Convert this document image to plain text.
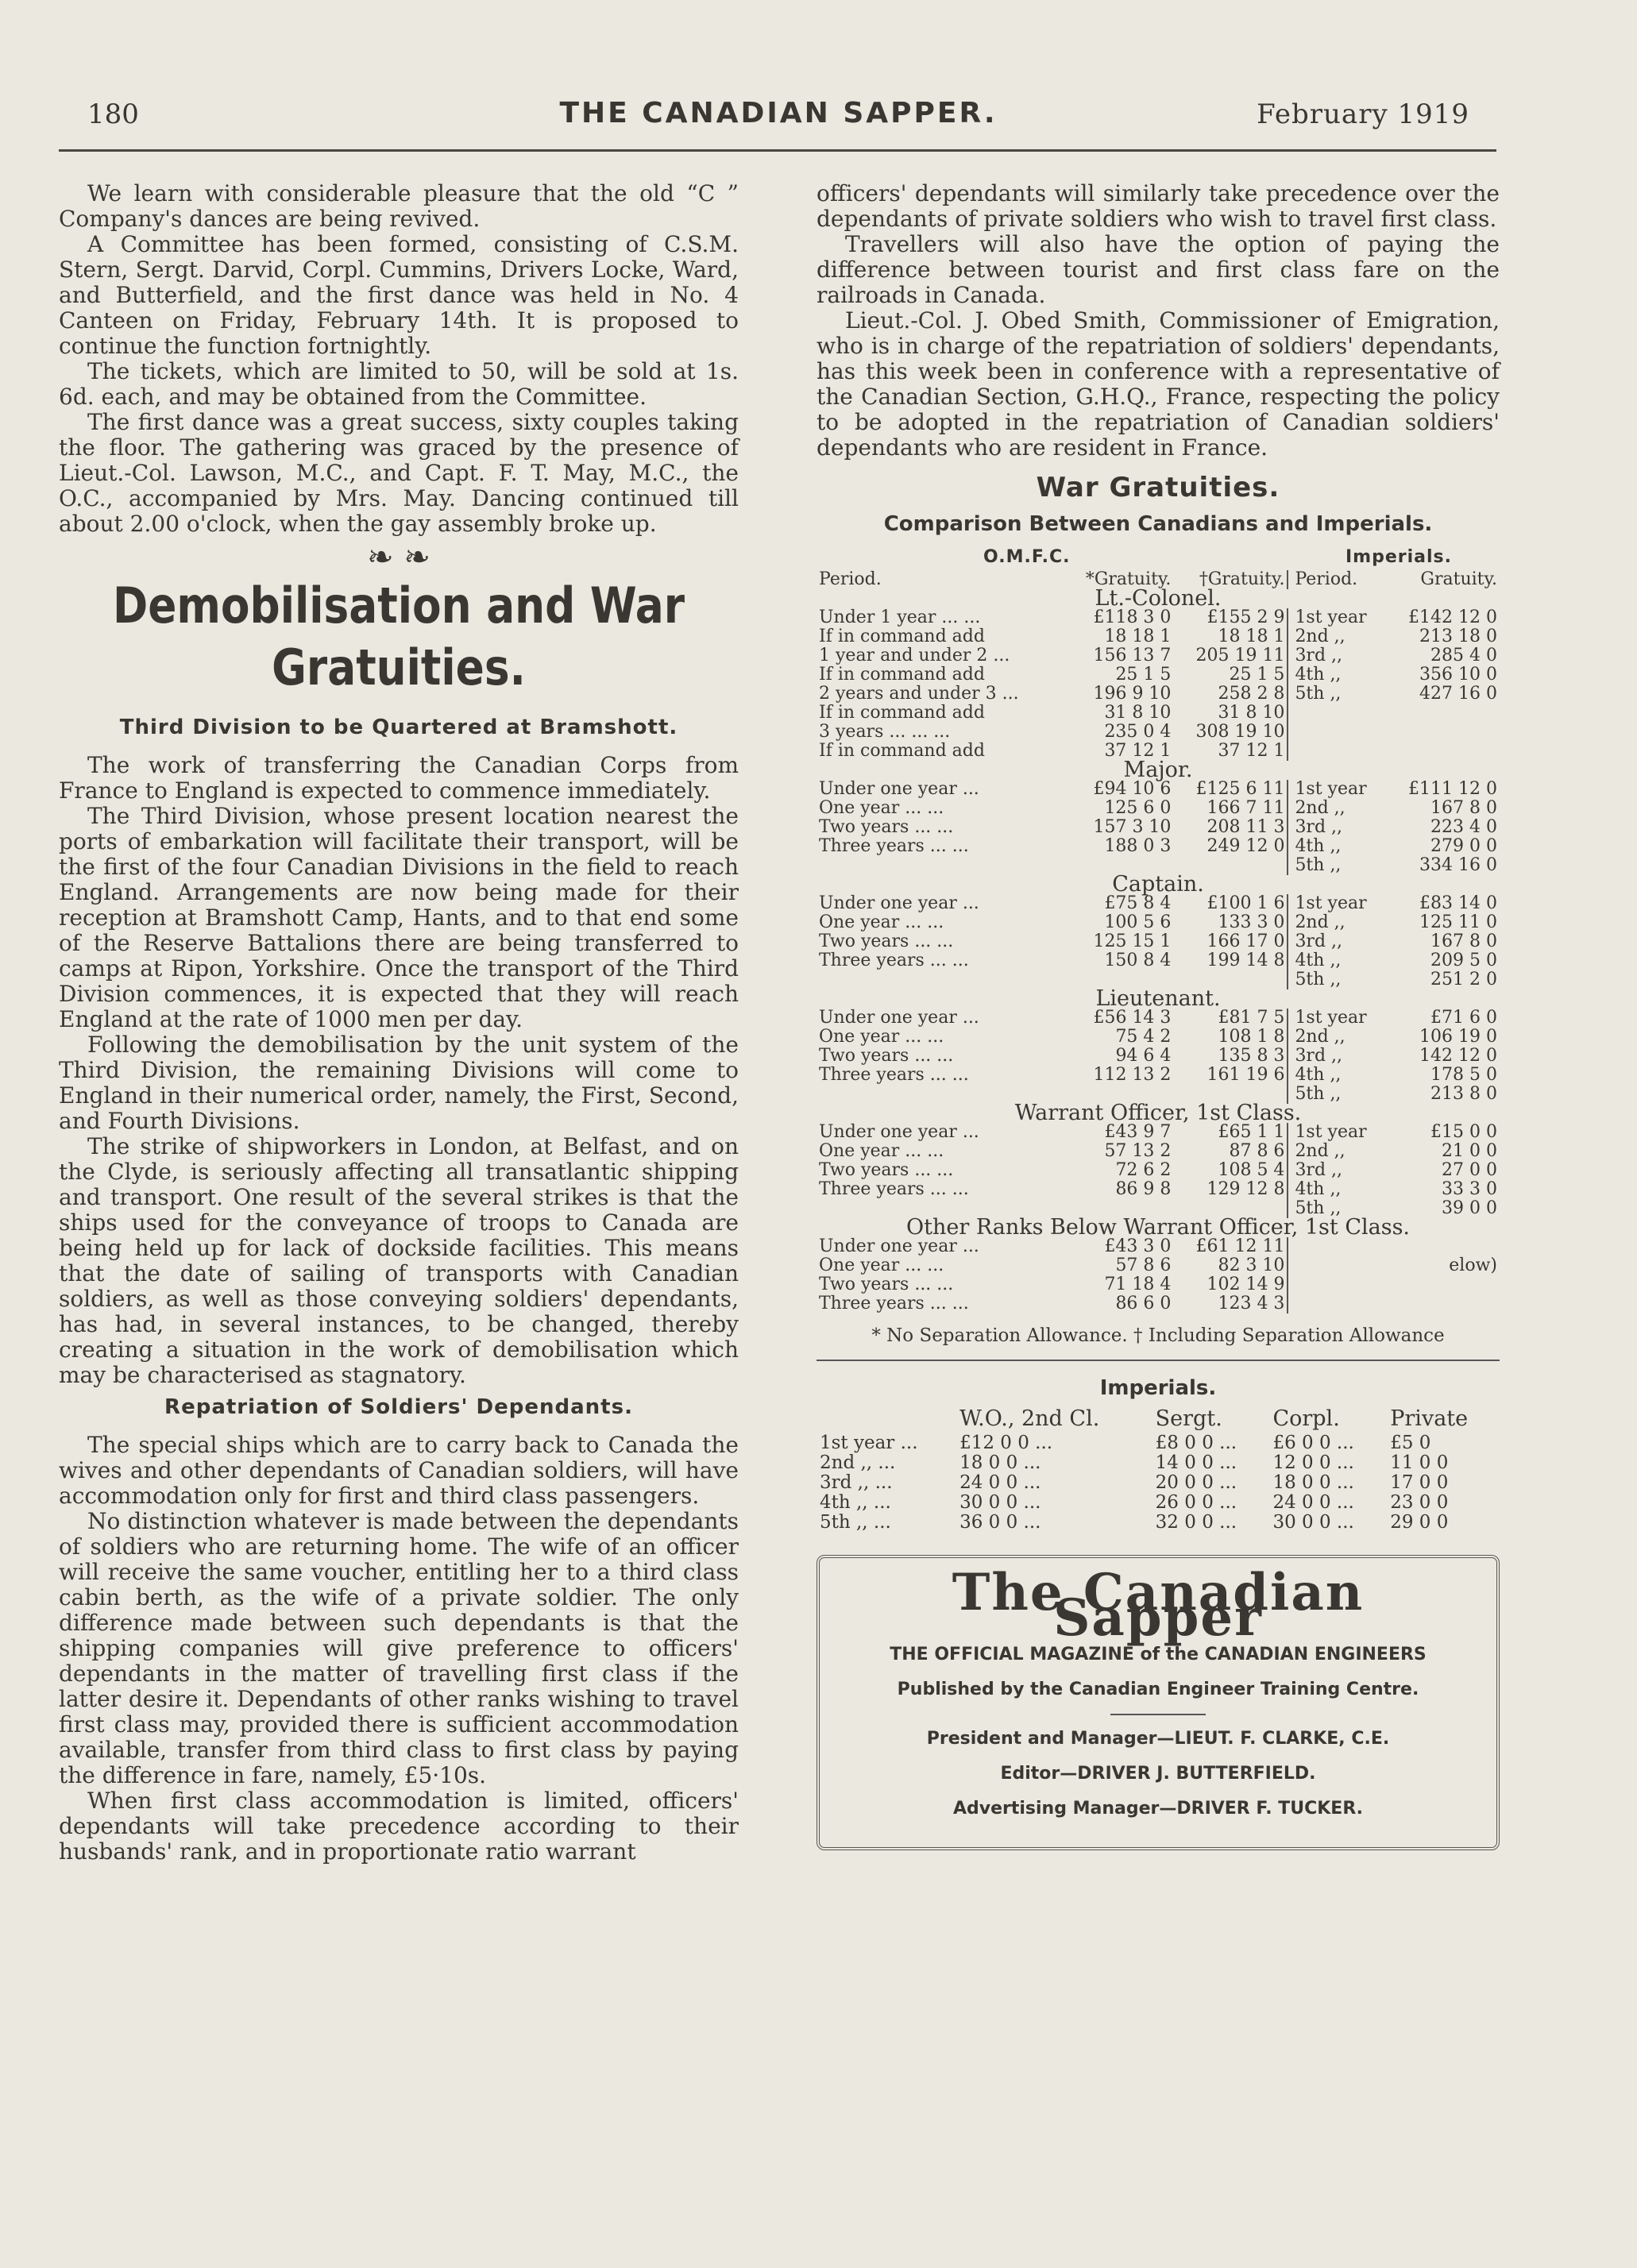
180	THE CANADIAN SAPPER.	February 1919

We learn with considerable pleasure that the old “C ” Company's dances are being revived.

A Committee has been formed, consisting of C.S.M. Stern, Sergt. Darvid, Corpl. Cummins, Drivers Locke, Ward, and Butterfield, and the first dance was held in No. 4 Canteen on Friday, February 14th. It is proposed to continue the function fortnightly.

The tickets, which are limited to 50, will be sold at 1s. 6d. each, and may be obtained from the Committee.

The first dance was a great success, sixty couples taking the floor. The gathering was graced by the presence of Lieut.-Col. Lawson, M.C., and Capt. F. T. May, M.C., the O.C., accompanied by Mrs. May. Dancing continued till about 2.00 o'clock, when the gay assembly broke up.

❧ ❧
Demobilisation and War Gratuities.
Third Division to be Quartered at Bramshott.

The work of transferring the Canadian Corps from France to England is expected to commence immediately.

The Third Division, whose present location nearest the ports of embarkation will facilitate their transport, will be the first of the four Canadian Divisions in the field to reach England. Arrangements are now being made for their reception at Bramshott Camp, Hants, and to that end some of the Reserve Battalions there are being transferred to camps at Ripon, Yorkshire. Once the transport of the Third Division commences, it is expected that they will reach England at the rate of 1000 men per day.

Following the demobilisation by the unit system of the Third Division, the remaining Divisions will come to England in their numerical order, namely, the First, Second, and Fourth Divisions.

The strike of shipworkers in London, at Belfast, and on the Clyde, is seriously affecting all transatlantic shipping and transport. One result of the several strikes is that the ships used for the conveyance of troops to Canada are being held up for lack of dockside facilities. This means that the date of sailing of transports with Canadian soldiers, as well as those conveying soldiers' dependants, has had, in several instances, to be changed, thereby creating a situation in the work of demobilisation which may be characterised as stagnatory.

Repatriation of Soldiers' Dependants.

The special ships which are to carry back to Canada the wives and other dependants of Canadian soldiers, will have accommodation only for first and third class passengers.

No distinction whatever is made between the dependants of soldiers who are returning home. The wife of an officer will receive the same voucher, entitling her to a third class cabin berth, as the wife of a private soldier. The only difference made between such dependants is that the shipping companies will give preference to officers' dependants in the matter of travelling first class if the latter desire it. Dependants of other ranks wishing to travel first class may, provided there is sufficient accommodation available, transfer from third class to first class by paying the difference in fare, namely, £5·10s.

When first class accommodation is limited, officers' dependants will take precedence according to their husbands' rank, and in proportionate ratio warrant

officers' dependants will similarly take precedence over the dependants of private soldiers who wish to travel first class.

Travellers will also have the option of paying the difference between tourist and first class fare on the railroads in Canada.

Lieut.-Col. J. Obed Smith, Commissioner of Emigration, who is in charge of the repatriation of soldiers' dependants, has this week been in conference with a representative of the Canadian Section, G.H.Q., France, respecting the policy to be adopted in the repatriation of Canadian soldiers' dependants who are resident in France.

War Gratuities.
Comparison Between Canadians and Imperials.
O.M.F.C.	Imperials.
Period.	*Gratuity.	†Gratuity.	Period.	Gratuity.
Lt.-Colonel.				
Under 1 year ... ...	£118 3 0	£155 2 9	1st year	£142 12 0
If in command add	18 18 1	18 18 1	2nd ,,	213 18 0
1 year and under 2 ...	156 13 7	205 19 11	3rd ,,	285 4 0
If in command add	25 1 5	25 1 5	4th ,,	356 10 0
2 years and under 3 ...	196 9 10	258 2 8	5th ,,	427 16 0
If in command add	31 8 10	31 8 10		
3 years ... ... ...	235 0 4	308 19 10		
If in command add	37 12 1	37 12 1		
Major.				
Under one year ...	£94 10 6	£125 6 11	1st year	£111 12 0
One year ... ...	125 6 0	166 7 11	2nd ,,	167 8 0
Two years ... ...	157 3 10	208 11 3	3rd ,,	223 4 0
Three years ... ...	188 0 3	249 12 0	4th ,,	279 0 0
			5th ,,	334 16 0
Captain.				
Under one year ...	£75 8 4	£100 1 6	1st year	£83 14 0
One year ... ...	100 5 6	133 3 0	2nd ,,	125 11 0
Two years ... ...	125 15 1	166 17 0	3rd ,,	167 8 0
Three years ... ...	150 8 4	199 14 8	4th ,,	209 5 0
			5th ,,	251 2 0
Lieutenant.				
Under one year ...	£56 14 3	£81 7 5	1st year	£71 6 0
One year ... ...	75 4 2	108 1 8	2nd ,,	106 19 0
Two years ... ...	94 6 4	135 8 3	3rd ,,	142 12 0
Three years ... ...	112 13 2	161 19 6	4th ,,	178 5 0
			5th ,,	213 8 0
Warrant Officer, 1st Class.				
Under one year ...	£43 9 7	£65 1 1	1st year	£15 0 0
One year ... ...	57 13 2	87 8 6	2nd ,,	21 0 0
Two years ... ...	72 6 2	108 5 4	3rd ,,	27 0 0
Three years ... ...	86 9 8	129 12 8	4th ,,	33 3 0
			5th ,,	39 0 0
Other Ranks Below Warrant Officer, 1st Class.				
Under one year ...	£43 3 0	£61 12 11		
One year ... ...	57 8 6	82 3 10		elow)
Two years ... ...	71 18 4	102 14 9		
Three years ... ...	86 6 0	123 4 3		
* No Separation Allowance. † Including Separation Allowance
Imperials.
	W.O., 2nd Cl.	Sergt.	Corpl.	Private
1st year ...	£12 0 0 ...	£8 0 0 ...	£6 0 0 ...	£5 0
2nd ,, ...	18 0 0 ...	14 0 0 ...	12 0 0 ...	11 0 0
3rd ,, ...	24 0 0 ...	20 0 0 ...	18 0 0 ...	17 0 0
4th ,, ...	30 0 0 ...	26 0 0 ...	24 0 0 ...	23 0 0
5th ,, ...	36 0 0 ...	32 0 0 ...	30 0 0 ...	29 0 0
The Canadian Sapper
THE OFFICIAL MAGAZINE of the CANADIAN ENGINEERS
Published by the Canadian Engineer Training Centre.
President and Manager—LIEUT. F. CLARKE, C.E.
Editor—DRIVER J. BUTTERFIELD.
Advertising Manager—DRIVER F. TUCKER.
